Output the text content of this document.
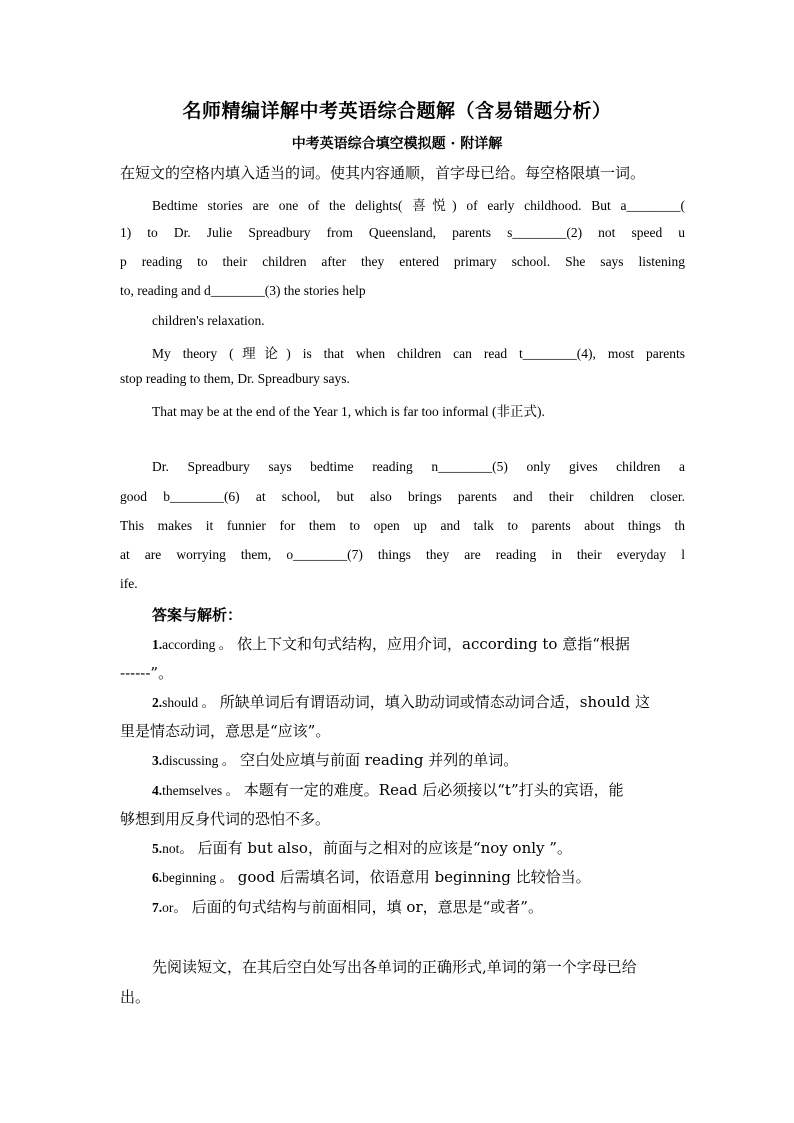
名师精编详解中考英语综合题解（含易错题分析）
中考英语综合填空模拟题 · 附详解
在短文的空格内填入适当的词。使其内容通顺，首字母已给。每空格限填一词。
Bedtime stories are one of the delights( 喜悦) of early childhood. But a________(
1) to Dr. Julie Spreadbury from Queensland, parents s________(2) not speed u
p reading to their children after they entered primary school. She says listening
to, reading and d________(3) the stories help
children's relaxation.
My theory (理论) is that when children can read t________(4), most parents
stop reading to them, Dr. Spreadbury says.
That may be at the end of the Year 1, which is far too informal (非正式).
Dr. Spreadbury says bedtime reading n________(5) only gives children a
good b________(6) at school, but also brings parents and their children closer.
This makes it funnier for them to open up and talk to parents about things th
at are worrying them, o________(7) things they are reading in their everyday l
ife.
答案与解析：
1.according 。 依上下文和句式结构，应用介词，according to 意指“根据
------”。
2.should 。 所缺单词后有谓语动词，填入助动词或情态动词合适，should 这
里是情态动词，意思是“应该”。
3.discussing 。 空白处应填与前面 reading 并列的单词。
4.themselves 。 本题有一定的难度。Read 后必须接以“t”打头的宾语，能
够想到用反身代词的恐怕不多。
5.not。 后面有 but also，前面与之相对的应该是“noy only ”。
6.beginning 。 good 后需填名词，依语意用 beginning 比较恰当。
7.or。 后面的句式结构与前面相同，填 or，意思是“或者”。
先阅读短文，在其后空白处写出各单词的正确形式,单词的第一个字母已给
出。
